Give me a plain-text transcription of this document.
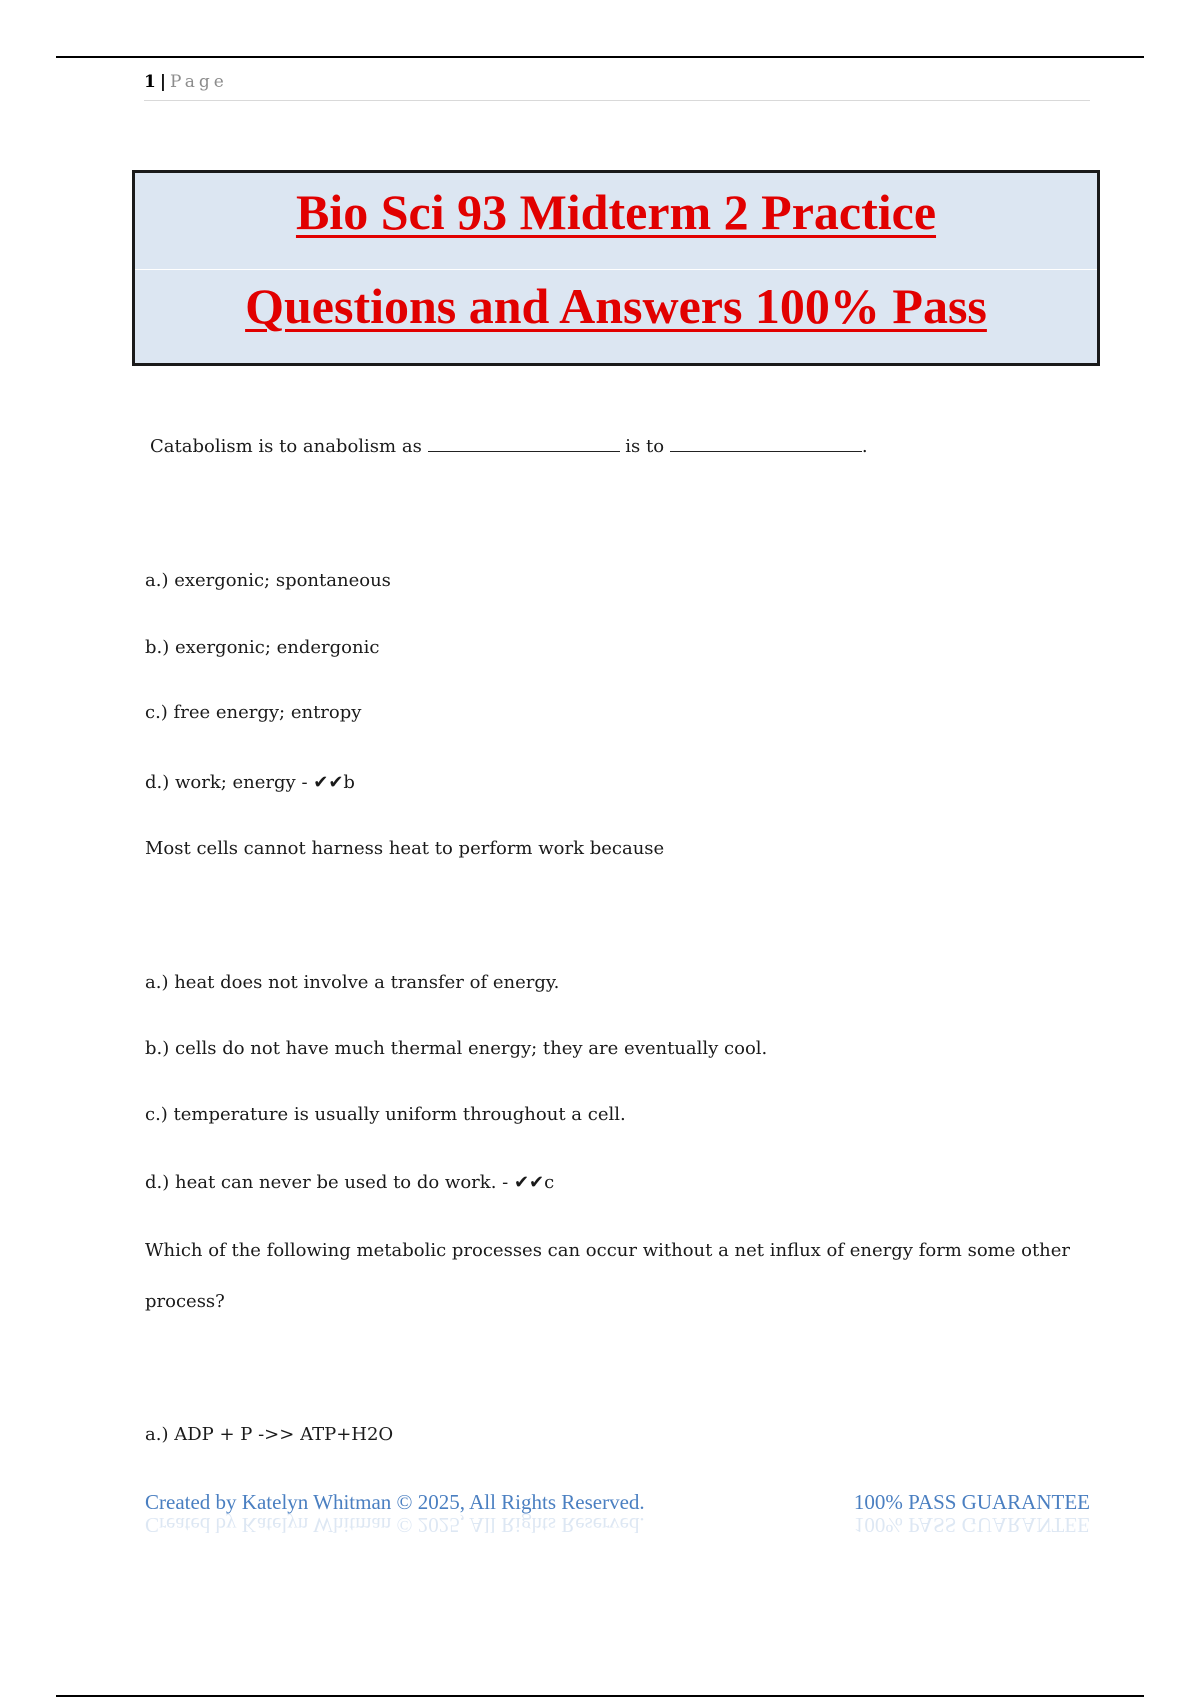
1 | Page
Bio Sci 93 Midterm 2 Practice
Questions and Answers 100% Pass
Catabolism is to anabolism as	is to	.
a.) exergonic; spontaneous
b.) exergonic; endergonic
c.) free energy; entropy
d.) work; energy - ✔✔b
Most cells cannot harness heat to perform work because
a.) heat does not involve a transfer of energy.
b.) cells do not have much thermal energy; they are eventually cool.
c.) temperature is usually uniform throughout a cell.
d.) heat can never be used to do work. - ✔✔c
Which of the following metabolic processes can occur without a net influx of energy form some other
process?
a.) ADP + P ->> ATP+H2O
Created by Katelyn Whitman © 2025, All Rights Reserved.	100% PASS GUARANTEE
Created by Katelyn Whitman © 2025, All Rights Reserved.	100% PASS GUARANTEE
